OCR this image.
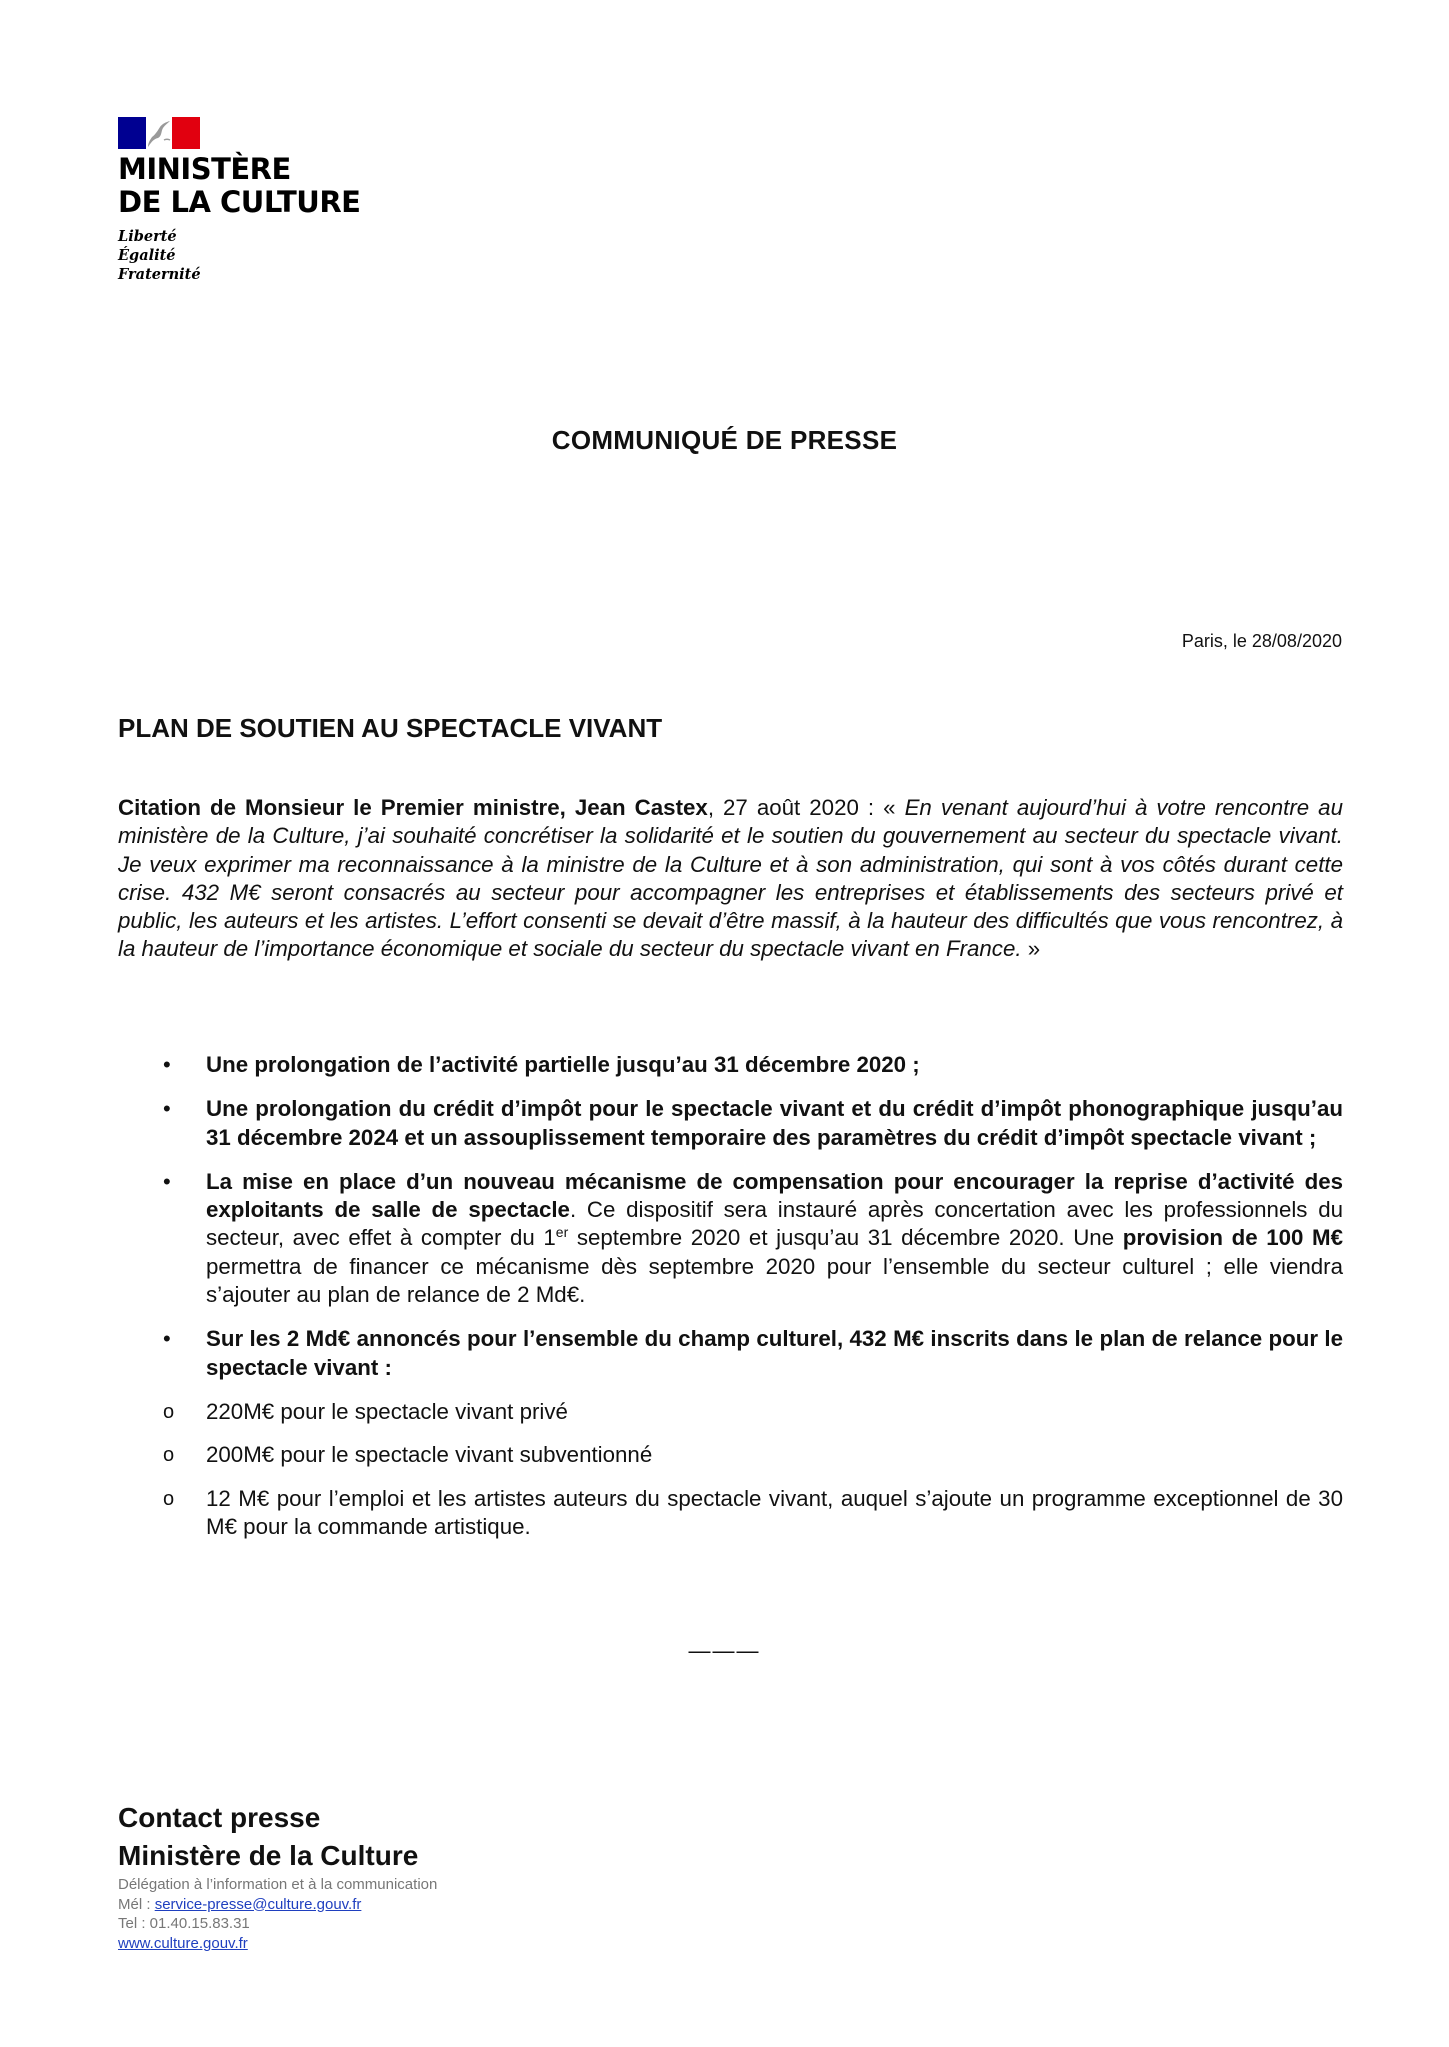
MINISTÈRE
DE LA CULTURE
Liberté
Égalité
Fraternité
COMMUNIQUÉ DE PRESSE
Paris, le 28/08/2020
PLAN DE SOUTIEN AU SPECTACLE VIVANT
Citation de Monsieur le Premier ministre, Jean Castex, 27 août 2020 : « En venant aujourd’hui à votre rencontre au ministère de la Culture, j’ai souhaité concrétiser la solidarité et le soutien du gouvernement au secteur du spectacle vivant. Je veux exprimer ma reconnaissance à la ministre de la Culture et à son administration, qui sont à vos côtés durant cette crise. 432 M€ seront consacrés au secteur pour accompagner les entreprises et établissements des secteurs privé et public, les auteurs et les artistes. L’effort consenti se devait d’être massif, à la hauteur des difficultés que vous rencontrez, à la hauteur de l’importance économique et sociale du secteur du spectacle vivant en France. »
• Une prolongation de l’activité partielle jusqu’au 31 décembre 2020 ;
• Une prolongation du crédit d’impôt pour le spectacle vivant et du crédit d’impôt phonographique jusqu’au 31 décembre 2024 et un assouplissement temporaire des paramètres du crédit d’impôt spectacle vivant ;
• La mise en place d’un nouveau mécanisme de compensation pour encourager la reprise d’activité des exploitants de salle de spectacle. Ce dispositif sera instauré après concertation avec les professionnels du secteur, avec effet à compter du 1er septembre 2020 et jusqu’au 31 décembre 2020. Une provision de 100 M€ permettra de financer ce mécanisme dès septembre 2020 pour l’ensemble du secteur culturel ; elle viendra s’ajouter au plan de relance de 2 Md€.
• Sur les 2 Md€ annoncés pour l’ensemble du champ culturel, 432 M€ inscrits dans le plan de relance pour le spectacle vivant :
o 220M€ pour le spectacle vivant privé
o 200M€ pour le spectacle vivant subventionné
o 12 M€ pour l’emploi et les artistes auteurs du spectacle vivant, auquel s’ajoute un programme exceptionnel de 30 M€ pour la commande artistique.
———
Contact presse
Ministère de la Culture
Délégation à l’information et à la communication
Mél : service-presse@culture.gouv.fr
Tel : 01.40.15.83.31
www.culture.gouv.fr
